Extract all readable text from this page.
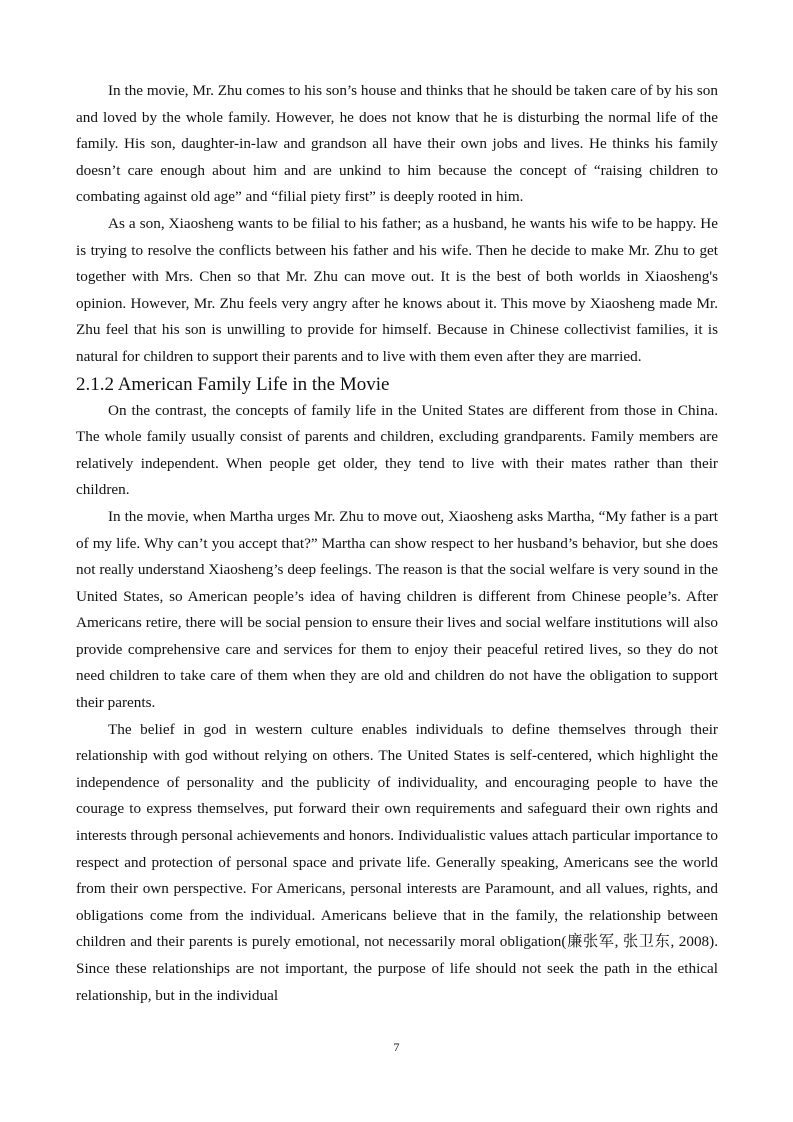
In the movie, Mr. Zhu comes to his son’s house and thinks that he should be taken care of by his son and loved by the whole family. However, he does not know that he is disturbing the normal life of the family. His son, daughter-in-law and grandson all have their own jobs and lives. He thinks his family doesn’t care enough about him and are unkind to him because the concept of “raising children to combating against old age” and “filial piety first” is deeply rooted in him.

As a son, Xiaosheng wants to be filial to his father; as a husband, he wants his wife to be happy. He is trying to resolve the conflicts between his father and his wife. Then he decide to make Mr. Zhu to get together with Mrs. Chen so that Mr. Zhu can move out. It is the best of both worlds in Xiaosheng's opinion. However, Mr. Zhu feels very angry after he knows about it. This move by Xiaosheng made Mr. Zhu feel that his son is unwilling to provide for himself. Because in Chinese collectivist families, it is natural for children to support their parents and to live with them even after they are married.

2.1.2 American Family Life in the Movie

On the contrast, the concepts of family life in the United States are different from those in China. The whole family usually consist of parents and children, excluding grandparents. Family members are relatively independent. When people get older, they tend to live with their mates rather than their children.

In the movie, when Martha urges Mr. Zhu to move out, Xiaosheng asks Martha, “My father is a part of my life. Why can’t you accept that?” Martha can show respect to her husband’s behavior, but she does not really understand Xiaosheng’s deep feelings. The reason is that the social welfare is very sound in the United States, so American people’s idea of having children is different from Chinese people’s. After Americans retire, there will be social pension to ensure their lives and social welfare institutions will also provide comprehensive care and services for them to enjoy their peaceful retired lives, so they do not need children to take care of them when they are old and children do not have the obligation to support their parents.

The belief in god in western culture enables individuals to define themselves through their relationship with god without relying on others. The United States is self-centered, which highlight the independence of personality and the publicity of individuality, and encouraging people to have the courage to express themselves, put forward their own requirements and safeguard their own rights and interests through personal achievements and honors. Individualistic values attach particular importance to respect and protection of personal space and private life. Generally speaking, Americans see the world from their own perspective. For Americans, personal interests are Paramount, and all values, rights, and obligations come from the individual. Americans believe that in the family, the relationship between children and their parents is purely emotional, not necessarily moral obligation(廉张军, 张卫东, 2008). Since these relationships are not important, the purpose of life should not seek the path in the ethical relationship, but in the individual

7
